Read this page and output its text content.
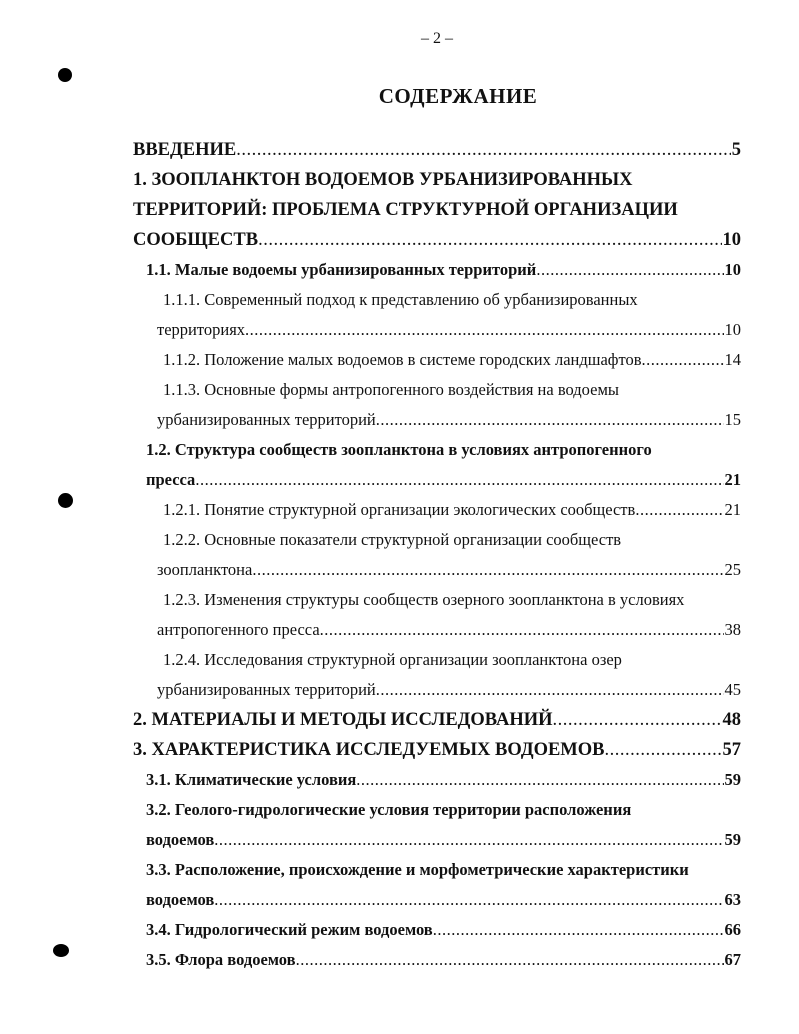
– 2 –
СОДЕРЖАНИЕ
ВВЕДЕНИЕ .....	5
1. ЗООПЛАНКТОН ВОДОЕМОВ УРБАНИЗИРОВАННЫХ
ТЕРРИТОРИЙ: ПРОБЛЕМА СТРУКТУРНОЙ ОРГАНИЗАЦИИ
СООБЩЕСТВ .....	10
1.1. Малые водоемы урбанизированных территорий .....	10
1.1.1. Современный подход к представлению об урбанизированных
территориях .....	10
1.1.2. Положение малых водоемов в системе городских ландшафтов .....	14
1.1.3. Основные формы антропогенного воздействия на водоемы
урбанизированных территорий .....	15
1.2. Структура сообществ зоопланктона в условиях антропогенного
пресса .....	21
1.2.1. Понятие структурной организации экологических сообществ .....	21
1.2.2. Основные показатели структурной организации сообществ
зоопланктона .....	25
1.2.3. Изменения структуры сообществ озерного зоопланктона в условиях
антропогенного пресса .....	38
1.2.4. Исследования структурной организации зоопланктона озер
урбанизированных территорий .....	45
2. МАТЕРИАЛЫ И МЕТОДЫ ИССЛЕДОВАНИЙ .....	48
3. ХАРАКТЕРИСТИКА ИССЛЕДУЕМЫХ ВОДОЕМОВ .....	57
3.1. Климатические условия .....	59
3.2. Геолого-гидрологические условия территории расположения
водоемов .....	59
3.3. Расположение, происхождение и морфометрические характеристики
водоемов .....	63
3.4. Гидрологический режим водоемов .....	66
3.5. Флора водоемов .....	67
